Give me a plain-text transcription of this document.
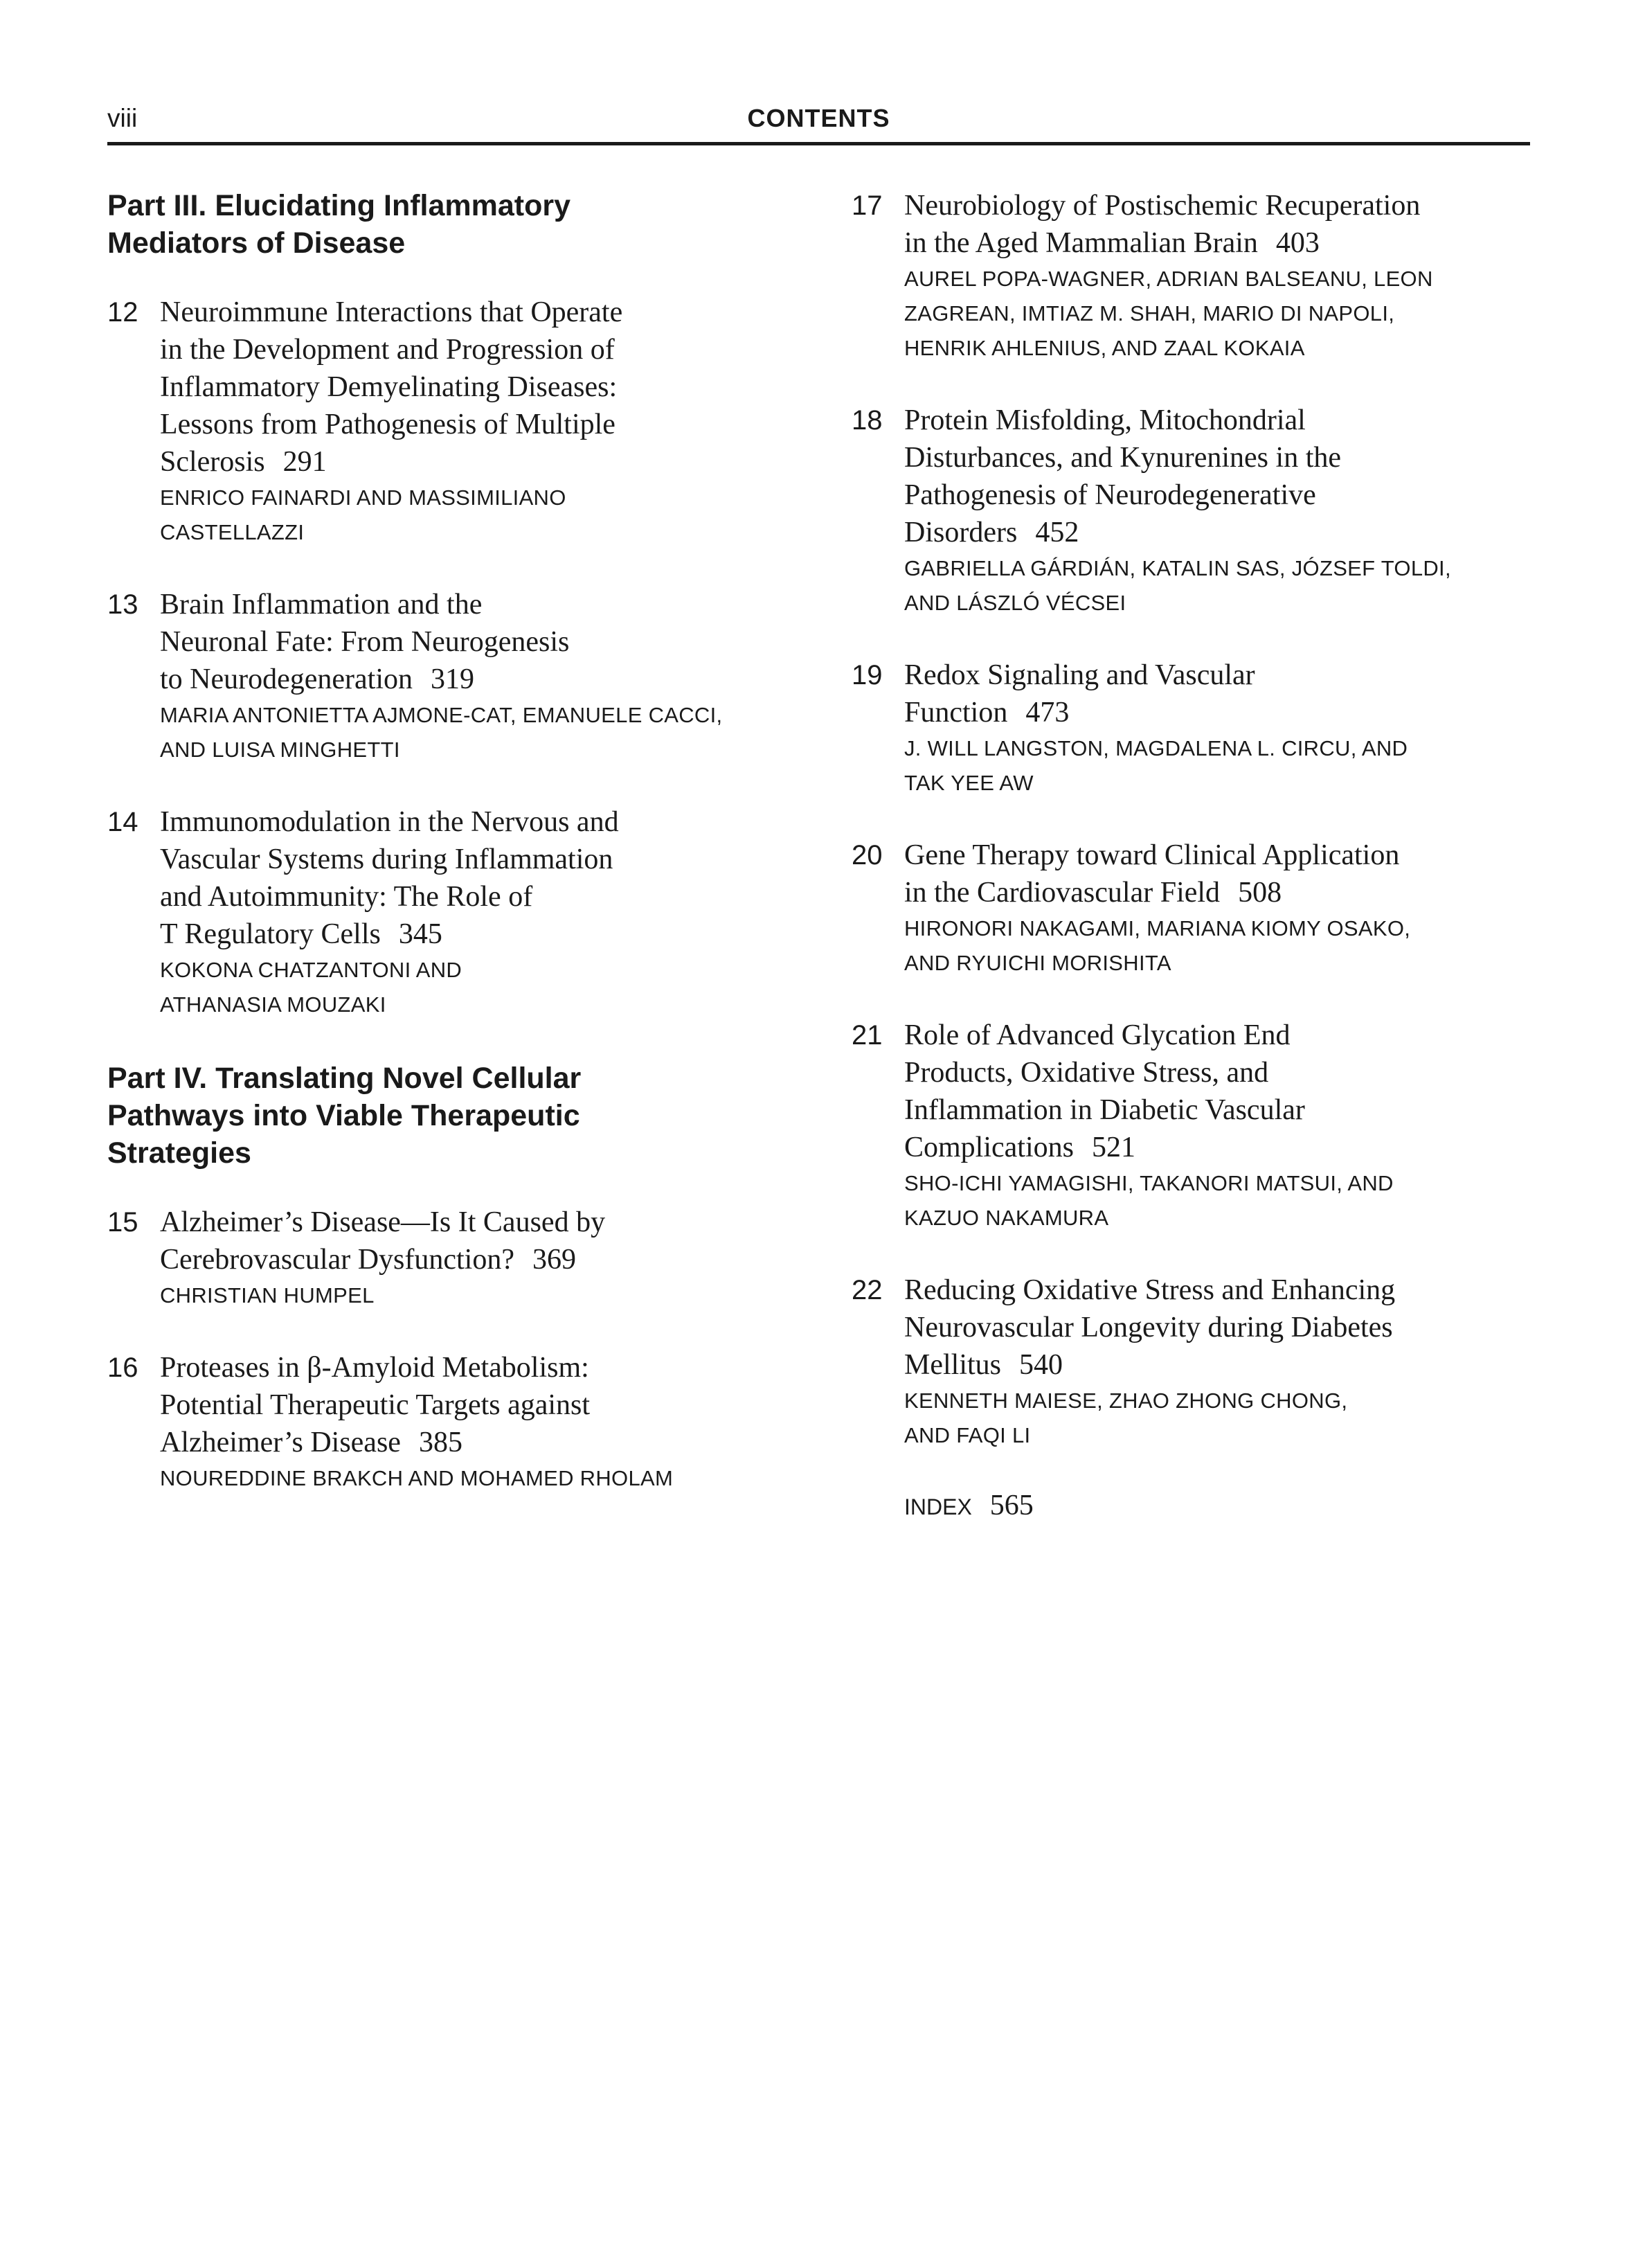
viii	CONTENTS
Part III. Elucidating Inflammatory
Mediators of Disease
12 Neuroimmune Interactions that Operate
in the Development and Progression of
Inflammatory Demyelinating Diseases:
Lessons from Pathogenesis of Multiple
Sclerosis 291
ENRICO FAINARDI AND MASSIMILIANO
CASTELLAZZI
13 Brain Inflammation and the
Neuronal Fate: From Neurogenesis
to Neurodegeneration 319
MARIA ANTONIETTA AJMONE-CAT, EMANUELE CACCI,
AND LUISA MINGHETTI
14 Immunomodulation in the Nervous and
Vascular Systems during Inflammation
and Autoimmunity: The Role of
T Regulatory Cells 345
KOKONA CHATZANTONI AND
ATHANASIA MOUZAKI
Part IV. Translating Novel Cellular
Pathways into Viable Therapeutic
Strategies
15 Alzheimer’s Disease—Is It Caused by
Cerebrovascular Dysfunction? 369
CHRISTIAN HUMPEL
16 Proteases in β-Amyloid Metabolism:
Potential Therapeutic Targets against
Alzheimer’s Disease 385
NOUREDDINE BRAKCH AND MOHAMED RHOLAM
17 Neurobiology of Postischemic Recuperation
in the Aged Mammalian Brain 403
AUREL POPA-WAGNER, ADRIAN BALSEANU, LEON
ZAGREAN, IMTIAZ M. SHAH, MARIO DI NAPOLI,
HENRIK AHLENIUS, AND ZAAL KOKAIA
18 Protein Misfolding, Mitochondrial
Disturbances, and Kynurenines in the
Pathogenesis of Neurodegenerative
Disorders 452
GABRIELLA GÁRDIÁN, KATALIN SAS, JÓZSEF TOLDI,
AND LÁSZLÓ VÉCSEI
19 Redox Signaling and Vascular
Function 473
J. WILL LANGSTON, MAGDALENA L. CIRCU, AND
TAK YEE AW
20 Gene Therapy toward Clinical Application
in the Cardiovascular Field 508
HIRONORI NAKAGAMI, MARIANA KIOMY OSAKO,
AND RYUICHI MORISHITA
21 Role of Advanced Glycation End
Products, Oxidative Stress, and
Inflammation in Diabetic Vascular
Complications 521
SHO-ICHI YAMAGISHI, TAKANORI MATSUI, AND
KAZUO NAKAMURA
22 Reducing Oxidative Stress and Enhancing
Neurovascular Longevity during Diabetes
Mellitus 540
KENNETH MAIESE, ZHAO ZHONG CHONG,
AND FAQI LI
INDEX 565
